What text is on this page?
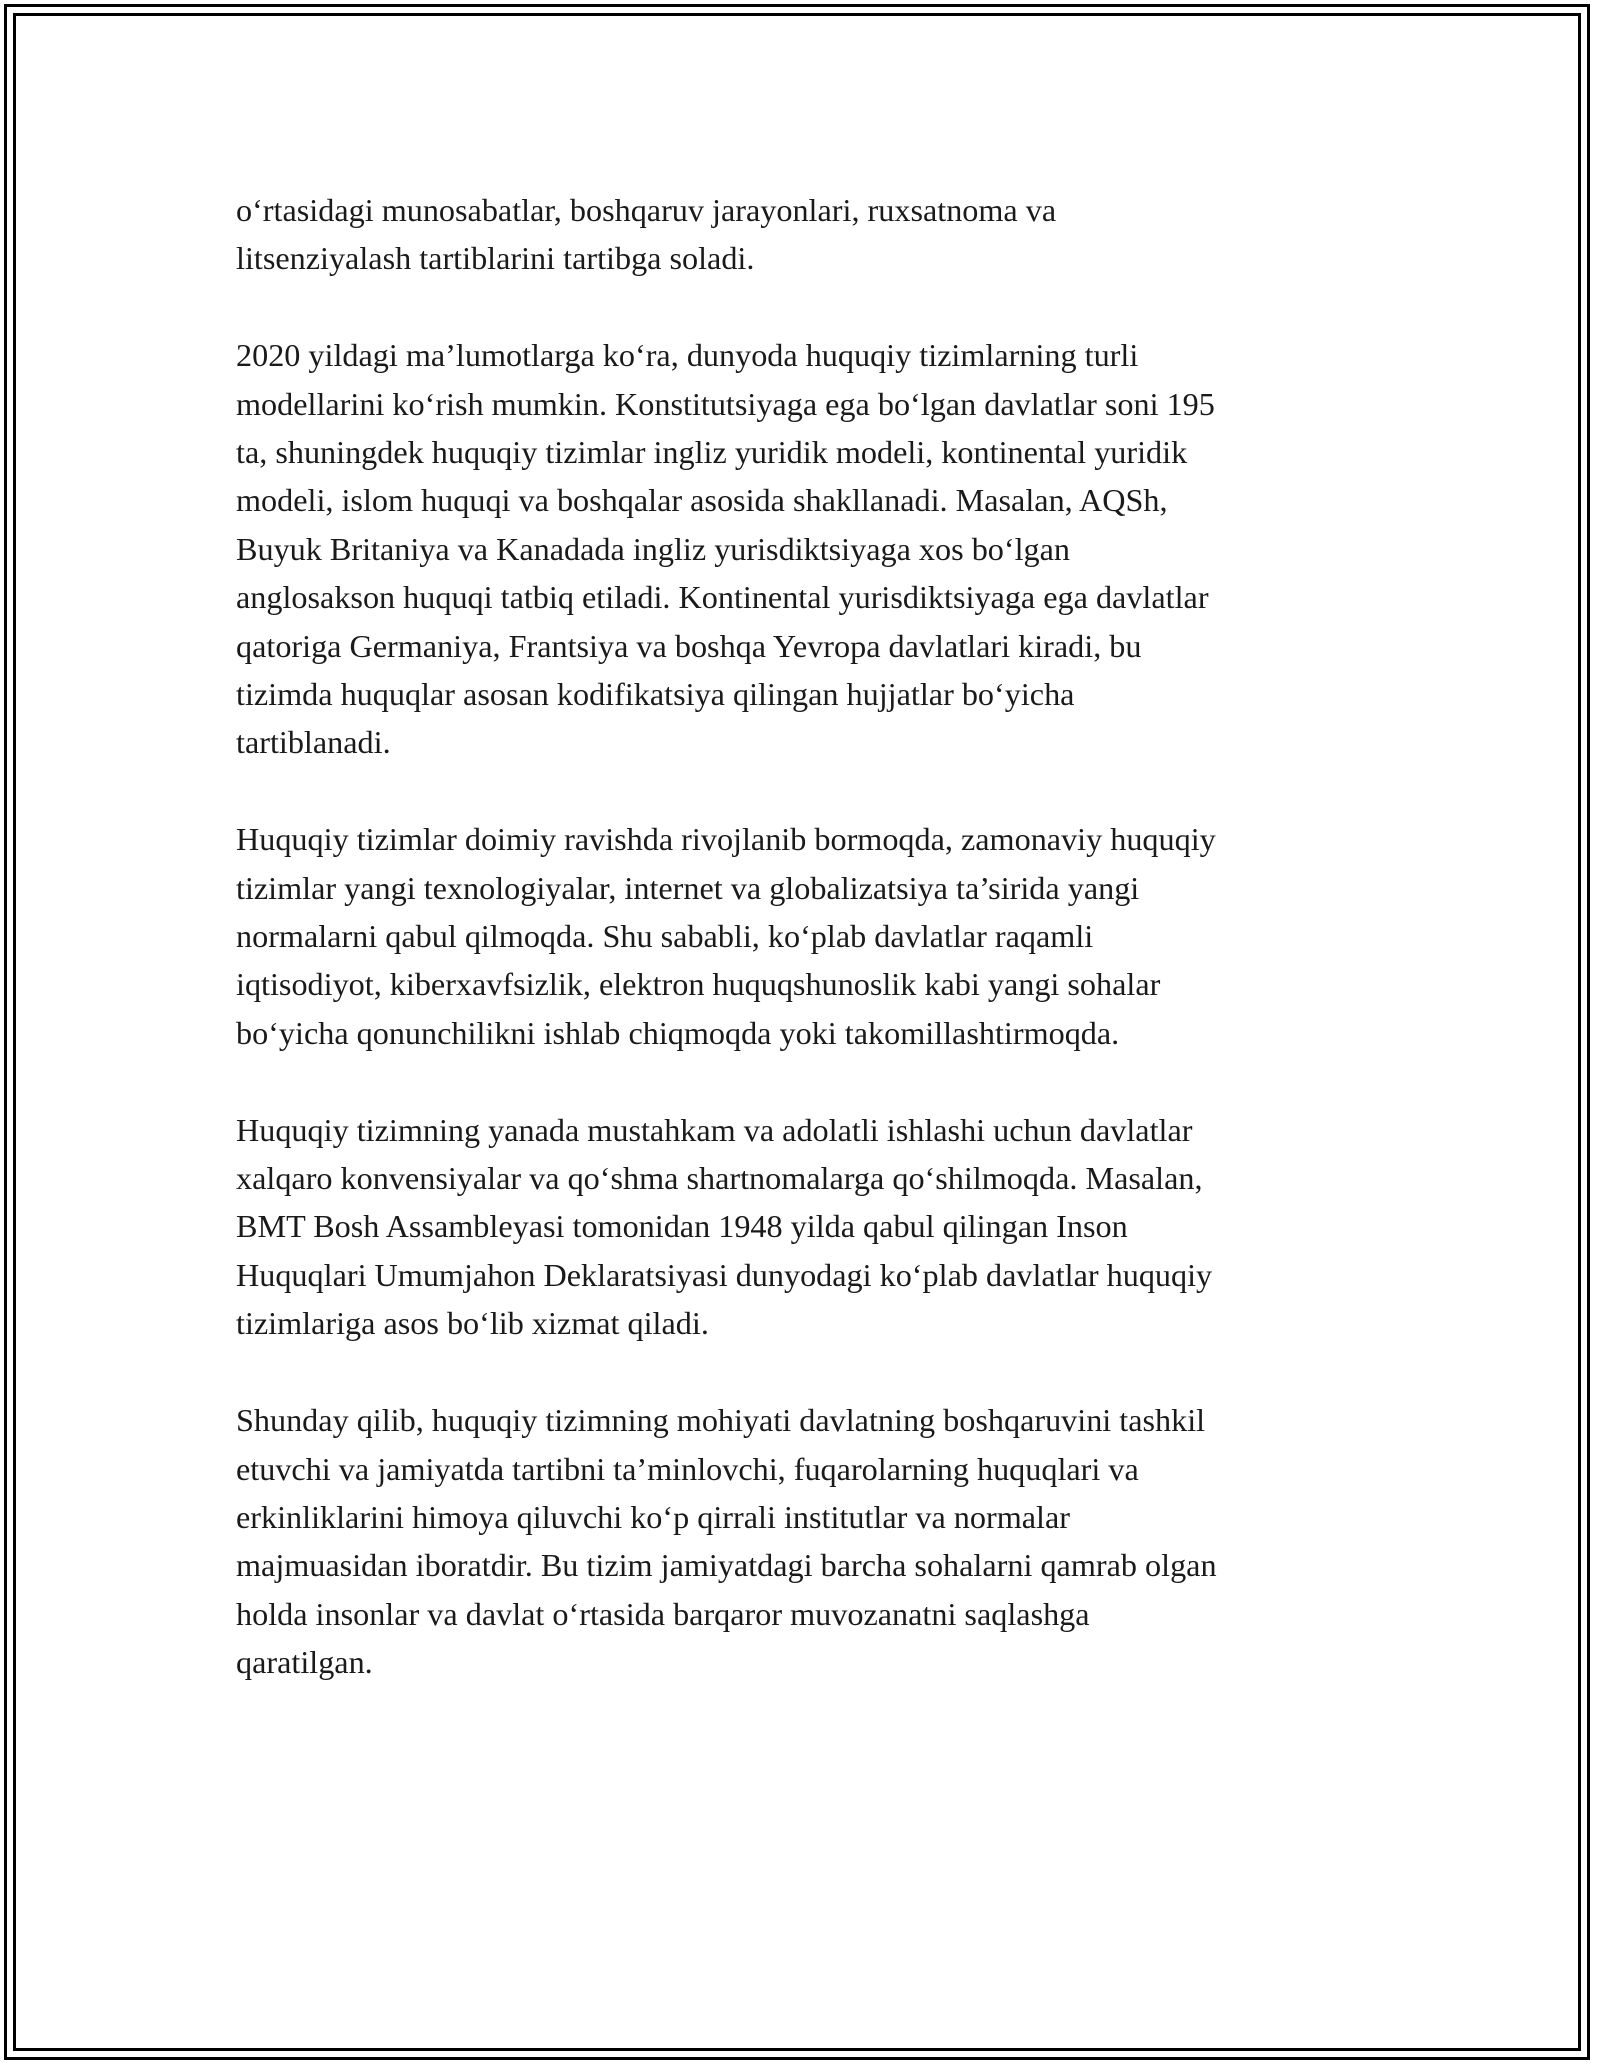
o‘rtasidagi munosabatlar, boshqaruv jarayonlari, ruxsatnoma va
litsenziyalash tartiblarini tartibga soladi.
2020 yildagi ma’lumotlarga ko‘ra, dunyoda huquqiy tizimlarning turli
modellarini ko‘rish mumkin. Konstitutsiyaga ega bo‘lgan davlatlar soni 195
ta, shuningdek huquqiy tizimlar ingliz yuridik modeli, kontinental yuridik
modeli, islom huquqi va boshqalar asosida shakllanadi. Masalan, AQSh,
Buyuk Britaniya va Kanadada ingliz yurisdiktsiyaga xos bo‘lgan
anglosakson huquqi tatbiq etiladi. Kontinental yurisdiktsiyaga ega davlatlar
qatoriga Germaniya, Frantsiya va boshqa Yevropa davlatlari kiradi, bu
tizimda huquqlar asosan kodifikatsiya qilingan hujjatlar bo‘yicha
tartiblanadi.
Huquqiy tizimlar doimiy ravishda rivojlanib bormoqda, zamonaviy huquqiy
tizimlar yangi texnologiyalar, internet va globalizatsiya ta’sirida yangi
normalarni qabul qilmoqda. Shu sababli, ko‘plab davlatlar raqamli
iqtisodiyot, kiberxavfsizlik, elektron huquqshunoslik kabi yangi sohalar
bo‘yicha qonunchilikni ishlab chiqmoqda yoki takomillashtirmoqda.
Huquqiy tizimning yanada mustahkam va adolatli ishlashi uchun davlatlar
xalqaro konvensiyalar va qo‘shma shartnomalarga qo‘shilmoqda. Masalan,
BMT Bosh Assambleyasi tomonidan 1948 yilda qabul qilingan Inson
Huquqlari Umumjahon Deklaratsiyasi dunyodagi ko‘plab davlatlar huquqiy
tizimlariga asos bo‘lib xizmat qiladi.
Shunday qilib, huquqiy tizimning mohiyati davlatning boshqaruvini tashkil
etuvchi va jamiyatda tartibni ta’minlovchi, fuqarolarning huquqlari va
erkinliklarini himoya qiluvchi ko‘p qirrali institutlar va normalar
majmuasidan iboratdir. Bu tizim jamiyatdagi barcha sohalarni qamrab olgan
holda insonlar va davlat o‘rtasida barqaror muvozanatni saqlashga
qaratilgan.
